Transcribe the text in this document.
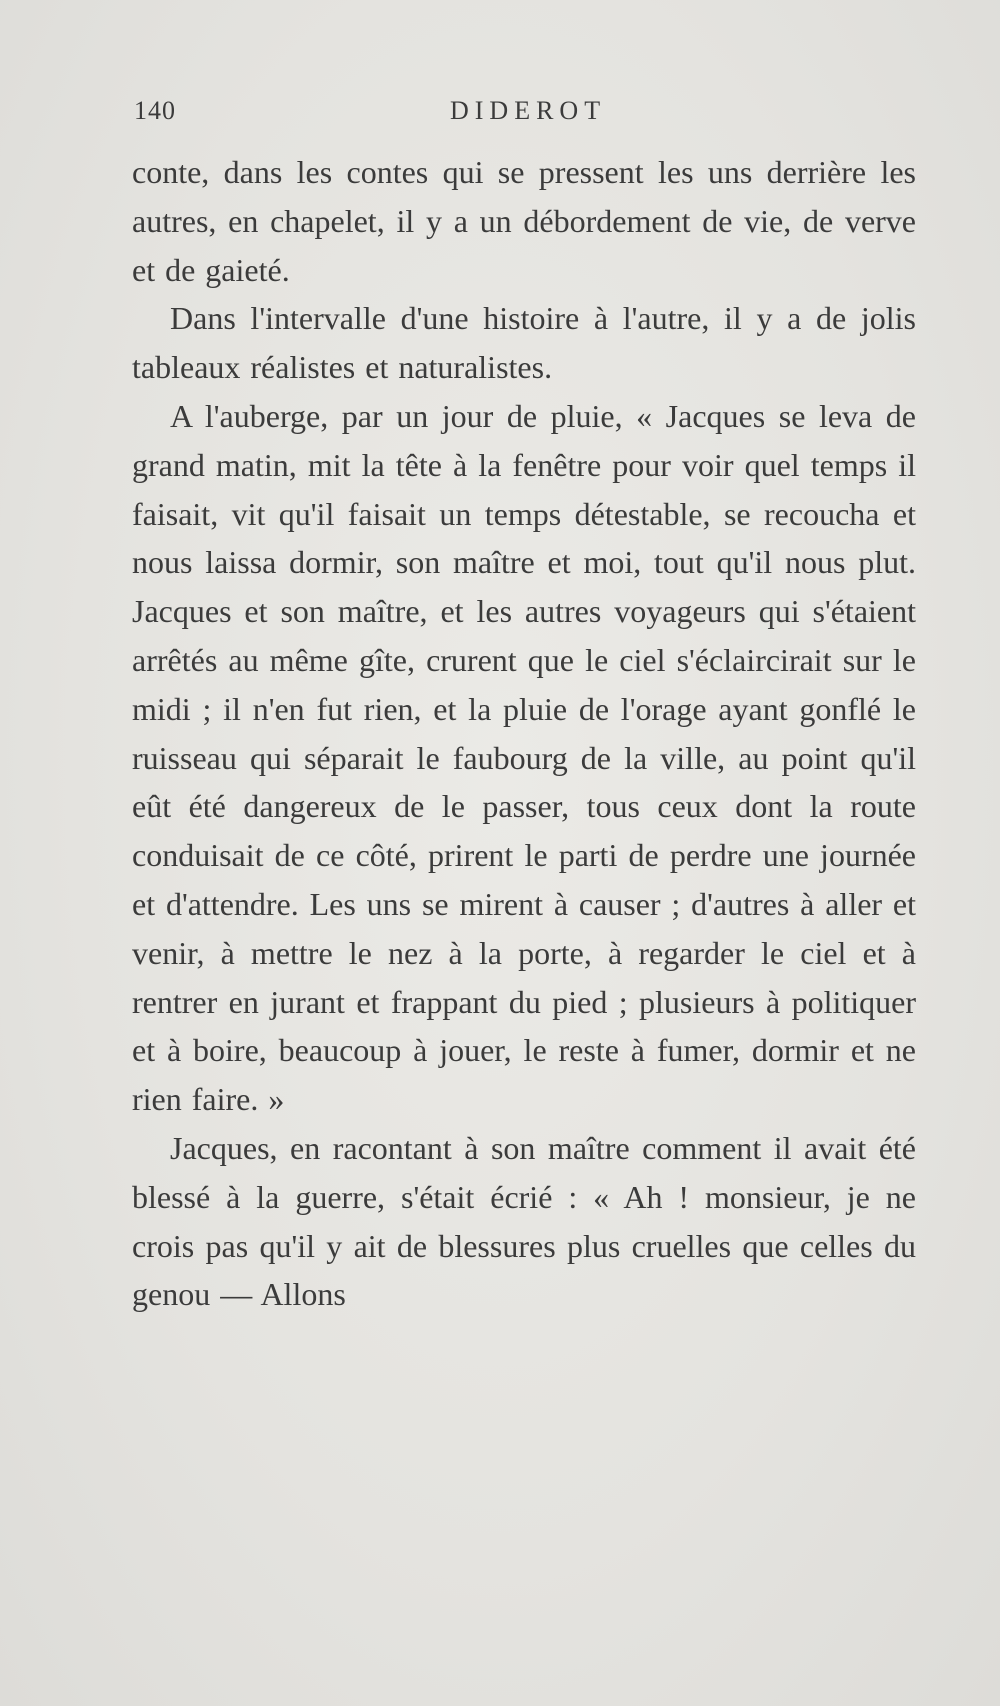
140	DIDEROT

conte, dans les contes qui se pressent les uns derrière les autres, en chapelet, il y a un débordement de vie, de verve et de gaieté.

Dans l'intervalle d'une histoire à l'autre, il y a de jolis tableaux réalistes et naturalistes.

A l'auberge, par un jour de pluie, « Jacques se leva de grand matin, mit la tête à la fenêtre pour voir quel temps il faisait, vit qu'il faisait un temps détestable, se recoucha et nous laissa dormir, son maître et moi, tout qu'il nous plut. Jacques et son maître, et les autres voyageurs qui s'étaient arrêtés au même gîte, crurent que le ciel s'éclaircirait sur le midi ; il n'en fut rien, et la pluie de l'orage ayant gonflé le ruisseau qui séparait le faubourg de la ville, au point qu'il eût été dangereux de le passer, tous ceux dont la route conduisait de ce côté, prirent le parti de perdre une journée et d'attendre. Les uns se mirent à causer ; d'autres à aller et venir, à mettre le nez à la porte, à regarder le ciel et à rentrer en jurant et frappant du pied ; plusieurs à politiquer et à boire, beaucoup à jouer, le reste à fumer, dormir et ne rien faire. »

Jacques, en racontant à son maître comment il avait été blessé à la guerre, s'était écrié : « Ah ! monsieur, je ne crois pas qu'il y ait de blessures plus cruelles que celles du genou — Allons
